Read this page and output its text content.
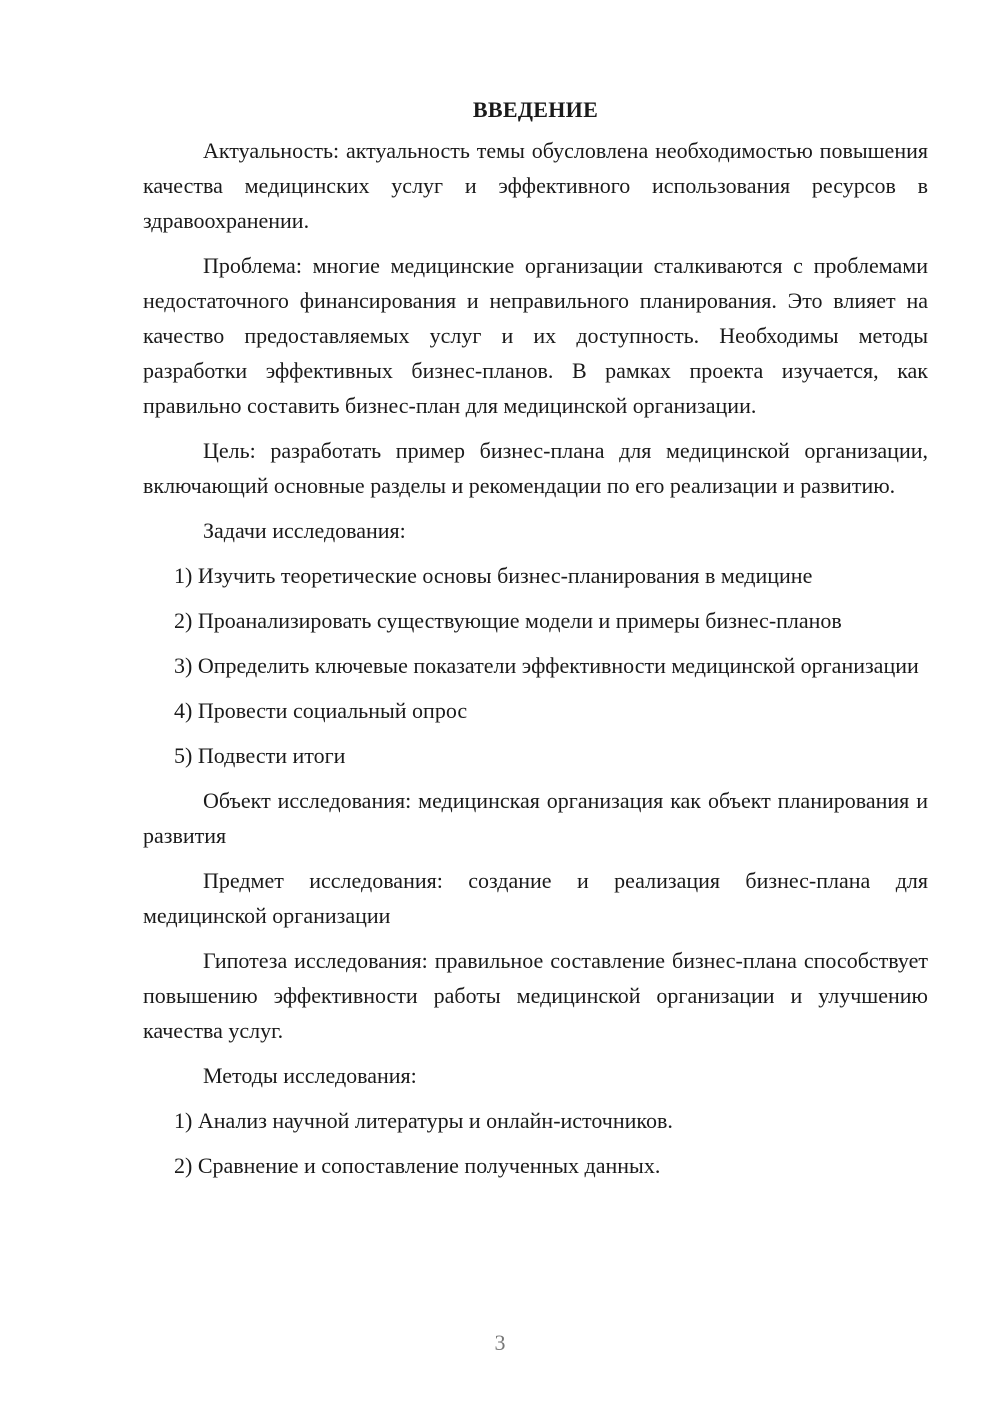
ВВЕДЕНИЕ

Актуальность: актуальность темы обусловлена необходимостью повышения качества медицинских услуг и эффективного использования ресурсов в здравоохранении.

Проблема: многие медицинские организации сталкиваются с проблемами недостаточного финансирования и неправильного планирования. Это влияет на качество предоставляемых услуг и их доступность. Необходимы методы разработки эффективных бизнес-планов. В рамках проекта изучается, как правильно составить бизнес-план для медицинской организации.

Цель: разработать пример бизнес-плана для медицинской организации, включающий основные разделы и рекомендации по его реализации и развитию.

Задачи исследования:

1) Изучить теоретические основы бизнес-планирования в медицине

2) Проанализировать существующие модели и примеры бизнес-планов

3) Определить ключевые показатели эффективности медицинской организации

4) Провести социальный опрос

5) Подвести итоги

Объект исследования: медицинская организация как объект планирования и развития

Предмет исследования: создание и реализация бизнес-плана для медицинской организации

Гипотеза исследования: правильное составление бизнес-плана способствует повышению эффективности работы медицинской организации и улучшению качества услуг.

Методы исследования:

1) Анализ научной литературы и онлайн-источников.

2) Сравнение и сопоставление полученных данных.

3
